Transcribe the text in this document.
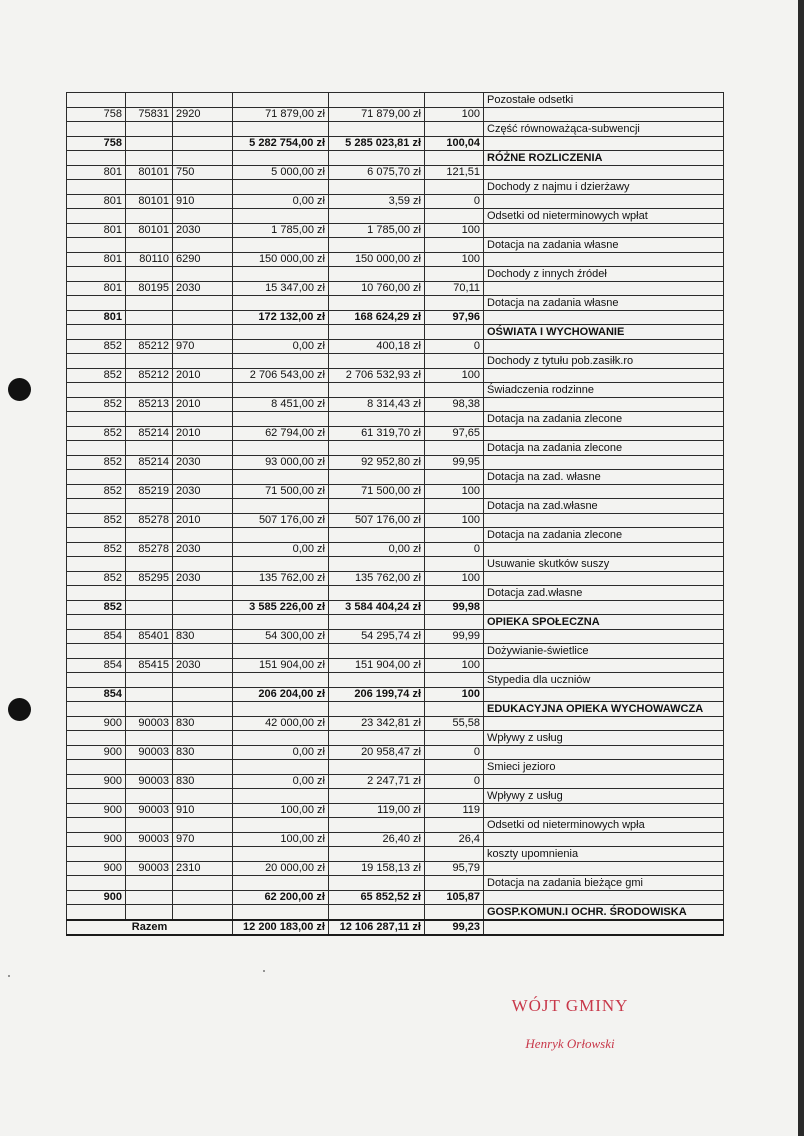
						Pozostałe odsetki
758	75831	2920	71 879,00 zł	71 879,00 zł	100	
						Część równoważąca-subwencji
758			5 282 754,00 zł	5 285 023,81 zł	100,04	
						RÓŻNE ROZLICZENIA
801	80101	750	5 000,00 zł	6 075,70 zł	121,51	
						Dochody z najmu i dzierżawy
801	80101	910	0,00 zł	3,59 zł	0	
						Odsetki od nieterminowych wpłat
801	80101	2030	1 785,00 zł	1 785,00 zł	100	
						Dotacja na zadania własne
801	80110	6290	150 000,00 zł	150 000,00 zł	100	
						Dochody z innych źródeł
801	80195	2030	15 347,00 zł	10 760,00 zł	70,11	
						Dotacja na zadania własne
801			172 132,00 zł	168 624,29 zł	97,96	
						OŚWIATA I WYCHOWANIE
852	85212	970	0,00 zł	400,18 zł	0	
						Dochody z tytułu pob.zasiłk.ro
852	85212	2010	2 706 543,00 zł	2 706 532,93 zł	100	
						Świadczenia rodzinne
852	85213	2010	8 451,00 zł	8 314,43 zł	98,38	
						Dotacja na zadania zlecone
852	85214	2010	62 794,00 zł	61 319,70 zł	97,65	
						Dotacja na zadania zlecone
852	85214	2030	93 000,00 zł	92 952,80 zł	99,95	
						Dotacja na zad. własne
852	85219	2030	71 500,00 zł	71 500,00 zł	100	
						Dotacja na zad.własne
852	85278	2010	507 176,00 zł	507 176,00 zł	100	
						Dotacja na zadania zlecone
852	85278	2030	0,00 zł	0,00 zł	0	
						Usuwanie skutków suszy
852	85295	2030	135 762,00 zł	135 762,00 zł	100	
						Dotacja zad.własne
852			3 585 226,00 zł	3 584 404,24 zł	99,98	
						OPIEKA SPOŁECZNA
854	85401	830	54 300,00 zł	54 295,74 zł	99,99	
						Dożywianie-świetlice
854	85415	2030	151 904,00 zł	151 904,00 zł	100	
						Stypedia dla uczniów
854			206 204,00 zł	206 199,74 zł	100	
						EDUKACYJNA OPIEKA WYCHOWAWCZA
900	90003	830	42 000,00 zł	23 342,81 zł	55,58	
						Wpływy z usług
900	90003	830	0,00 zł	20 958,47 zł	0	
						Smieci jezioro
900	90003	830	0,00 zł	2 247,71 zł	0	
						Wpływy z usług
900	90003	910	100,00 zł	119,00 zł	119	
						Odsetki od nieterminowych wpła
900	90003	970	100,00 zł	26,40 zł	26,4	
						koszty upomnienia
900	90003	2310	20 000,00 zł	19 158,13 zł	95,79	
						Dotacja na zadania bieżące gmi
900			62 200,00 zł	65 852,52 zł	105,87	
						GOSP.KOMUN.I OCHR. ŚRODOWISKA
Razem			12 200 183,00 zł	12 106 287,11 zł	99,23	
WÓJT GMINY
Henryk Orłowski
